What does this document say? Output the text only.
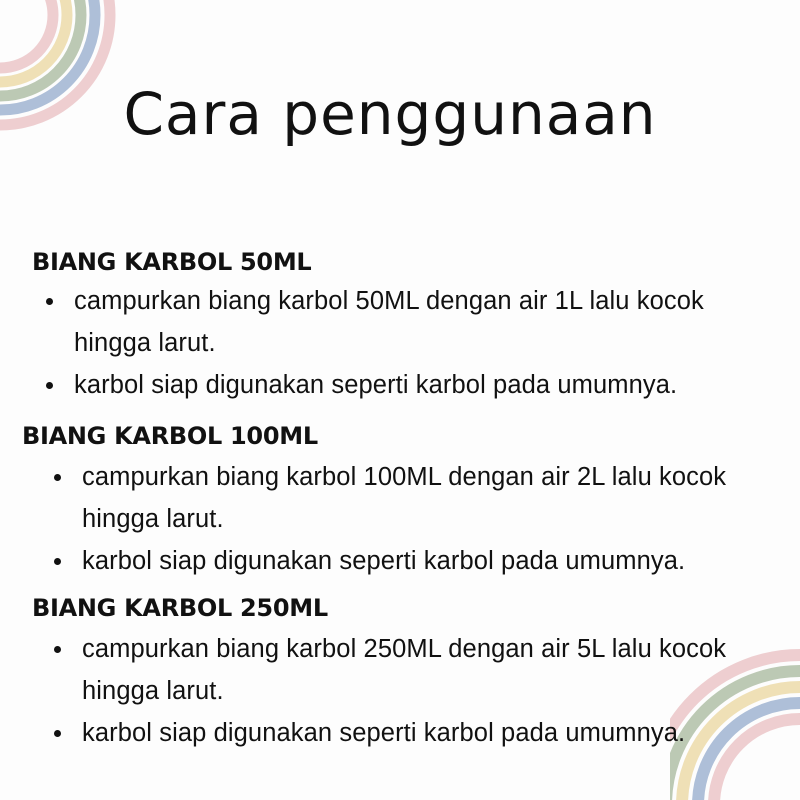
Cara penggunaan
BIANG KARBOL 50ML
campurkan biang karbol 50ML dengan air 1L lalu kocok hingga larut.
karbol siap digunakan seperti karbol pada umumnya.
BIANG KARBOL 100ML
campurkan biang karbol 100ML dengan air 2L lalu kocok hingga larut.
karbol siap digunakan seperti karbol pada umumnya.
BIANG KARBOL 250ML
campurkan biang karbol 250ML dengan air 5L lalu kocok hingga larut.
karbol siap digunakan seperti karbol pada umumnya.
